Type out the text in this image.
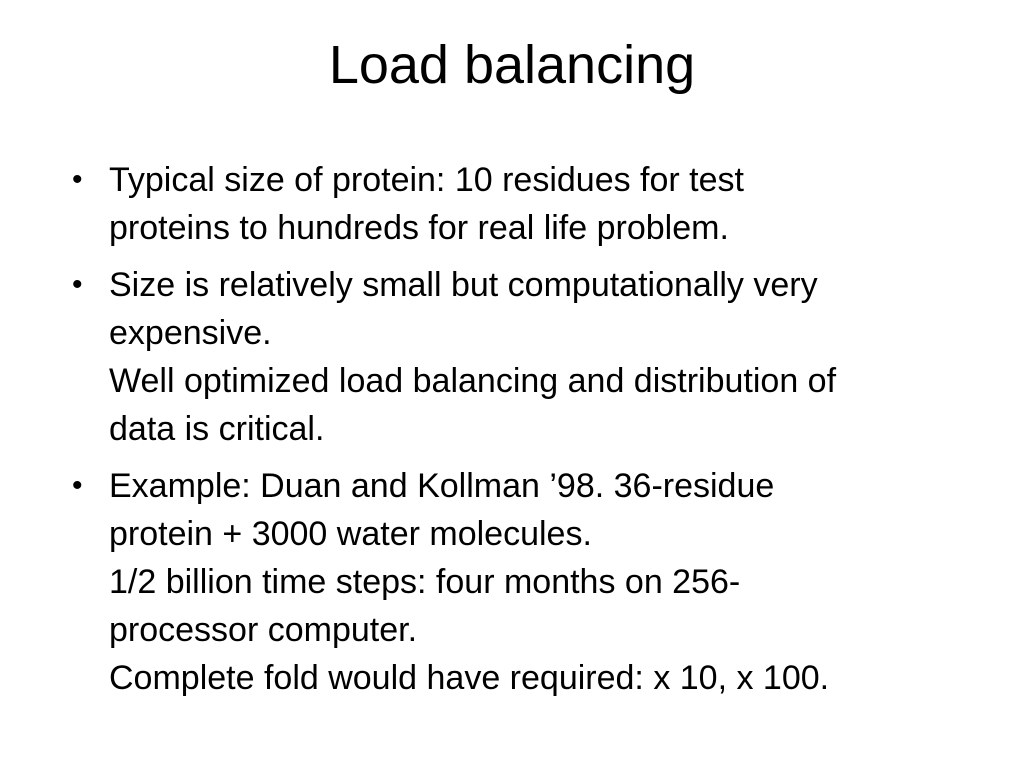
Load balancing
• Typical size of protein: 10 residues for test
proteins to hundreds for real life problem.
• Size is relatively small but computationally very
expensive.
Well optimized load balancing and distribution of
data is critical.
• Example: Duan and Kollman ’98. 36-residue
protein + 3000 water molecules.
1/2 billion time steps: four months on 256-
processor computer.
Complete fold would have required: x 10, x 100.
